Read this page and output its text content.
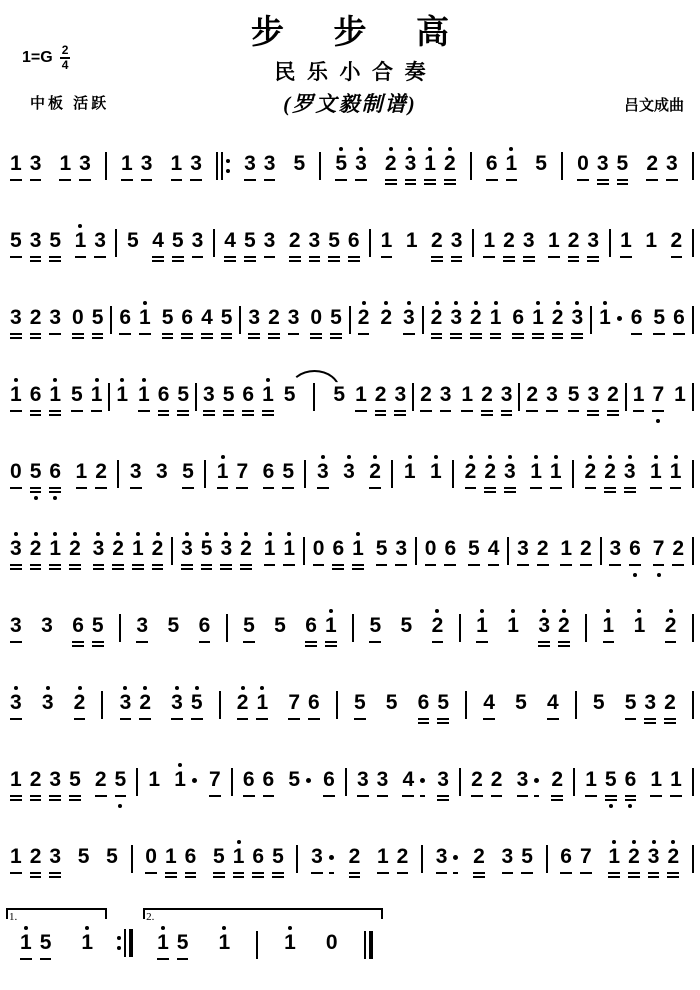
步步高
民乐小合奏
(罗文毅制谱)
$1=G \frac{2}{4}$
中板 活跃	吕文成曲
1 3 1 3 1 3 1 3 3 3 5 5 3 2 3 1 2 6 1 5 0 3 5 2 3
5 3 5 1 3 5 4 5 3 4 5 3 2 3 5 6 1 1 2 3 1 2 3 1 2 3 1 1 2
3 2 3 0 5 6 1 5 6 4 5 3 2 3 0 5 2 2 3 2 3 2 1 6 1 2 3 1 6 5 6
1 6 1 5 1 1 1 6 5 3 5 6 1 5 5 1 2 3 2 3 1 2 3 2 3 5 3 2 1 7 1
0 5 6 1 2 3 3 5 1 7 6 5 3 3 2 1 1 2 2 3 1 1 2 2 3 1 1
3 2 1 2 3 2 1 2 3 5 3 2 1 1 0 6 1 5 3 0 6 5 4 3 2 1 2 3 6 7 2
3 3 6 5 3 5 6 5 5 6 1 5 5 2 1 1 3 2 1 1 2
3 3 2 3 2 3 5 2 1 7 6 5 5 6 5 4 5 4 5 5 3 2
1 2 3 5 2 5 1 1 7 6 6 5 6 3 3 4 3 2 2 3 2 1 5 6 1 1
1 2 3 5 5 0 1 6 5 1 6 5 3 2 1 2 3 2 3 5 6 7 1 2 3 2
1.
1 5 1
2.
1 5 1	1 0
